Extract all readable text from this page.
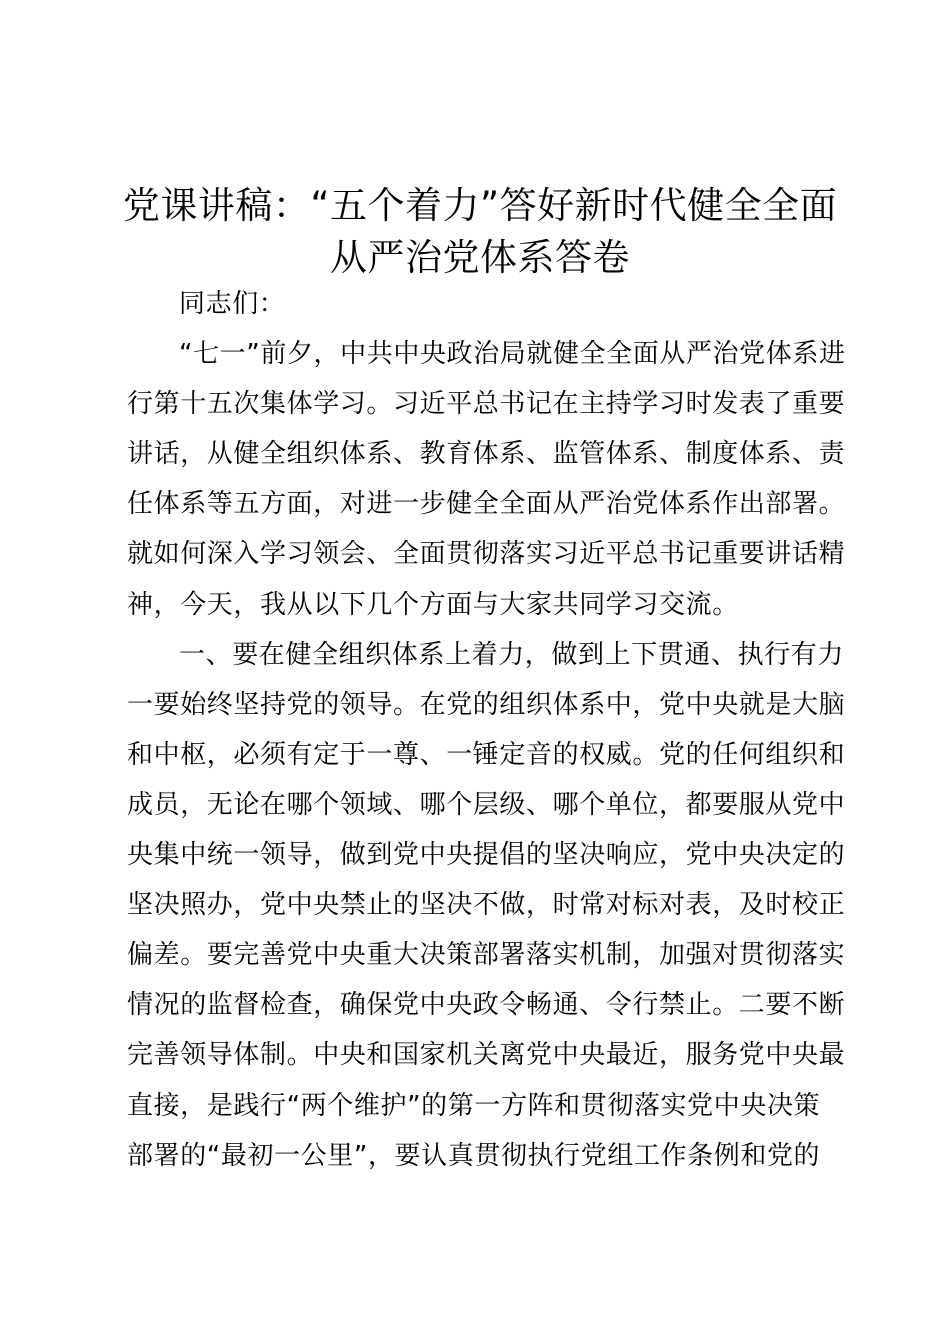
党课讲稿：“五个着力”答好新时代健全全面
从严治党体系答卷
同志们：
“七一”前夕，中共中央政治局就健全全面从严治党体系进
行第十五次集体学习。习近平总书记在主持学习时发表了重要
讲话，从健全组织体系、教育体系、监管体系、制度体系、责
任体系等五方面，对进一步健全全面从严治党体系作出部署。
就如何深入学习领会、全面贯彻落实习近平总书记重要讲话精
神，今天，我从以下几个方面与大家共同学习交流。
一、要在健全组织体系上着力，做到上下贯通、执行有力
一要始终坚持党的领导。在党的组织体系中，党中央就是大脑
和中枢，必须有定于一尊、一锤定音的权威。党的任何组织和
成员，无论在哪个领域、哪个层级、哪个单位，都要服从党中
央集中统一领导，做到党中央提倡的坚决响应，党中央决定的
坚决照办，党中央禁止的坚决不做，时常对标对表，及时校正
偏差。要完善党中央重大决策部署落实机制，加强对贯彻落实
情况的监督检查，确保党中央政令畅通、令行禁止。二要不断
完善领导体制。中央和国家机关离党中央最近，服务党中央最
直接，是践行“两个维护”的第一方阵和贯彻落实党中央决策
部署的“最初一公里”，要认真贯彻执行党组工作条例和党的
